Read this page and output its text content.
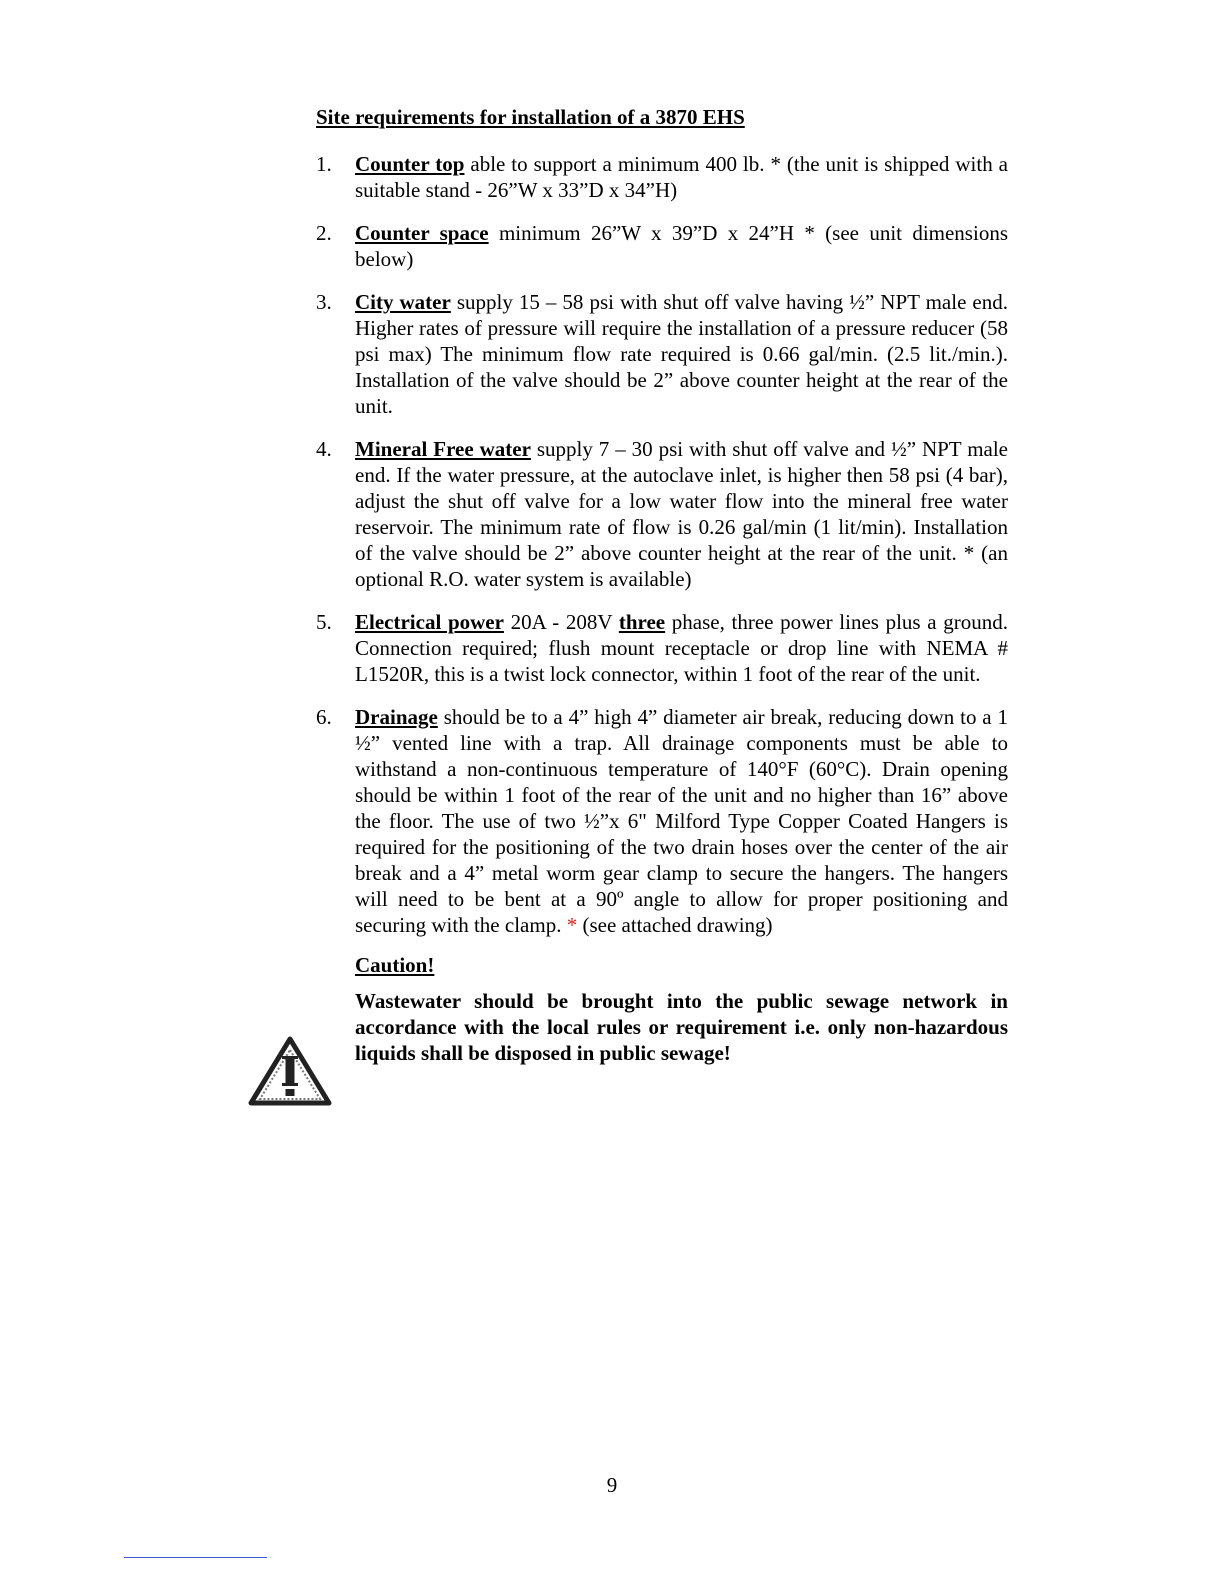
Site requirements for installation of a 3870 EHS
1.	Counter top able to support a minimum 400 lb. * (the unit is shipped with a suitable stand - 26”W x 33”D x 34”H)
2.	Counter space minimum 26”W x 39”D x 24”H * (see unit dimensions below)
3.	City water supply 15 – 58 psi with shut off valve having ½” NPT male end. Higher rates of pressure will require the installation of a pressure reducer (58 psi max) The minimum flow rate required is 0.66 gal/min. (2.5 lit./min.). Installation of the valve should be 2” above counter height at the rear of the unit.
4.	Mineral Free water supply 7 – 30 psi with shut off valve and ½” NPT male end. If the water pressure, at the autoclave inlet, is higher then 58 psi (4 bar), adjust the shut off valve for a low water flow into the mineral free water reservoir. The minimum rate of flow is 0.26 gal/min (1 lit/min). Installation of the valve should be 2” above counter height at the rear of the unit. * (an optional R.O. water system is available)
5.	Electrical power 20A - 208V three phase, three power lines plus a ground. Connection required; flush mount receptacle or drop line with NEMA # L1520R, this is a twist lock connector, within 1 foot of the rear of the unit.
6.	Drainage should be to a 4” high 4” diameter air break, reducing down to a 1 ½” vented line with a trap. All drainage components must be able to withstand a non-continuous temperature of 140°F (60°C). Drain opening should be within 1 foot of the rear of the unit and no higher than 16” above the floor. The use of two ½”x 6" Milford Type Copper Coated Hangers is required for the positioning of the two drain hoses over the center of the air break and a 4” metal worm gear clamp to secure the hangers. The hangers will need to be bent at a 90º angle to allow for proper positioning and securing with the clamp. * (see attached drawing)
Caution!
Wastewater should be brought into the public sewage network in accordance with the local rules or requirement i.e. only non-hazardous liquids shall be disposed in public sewage!
9
